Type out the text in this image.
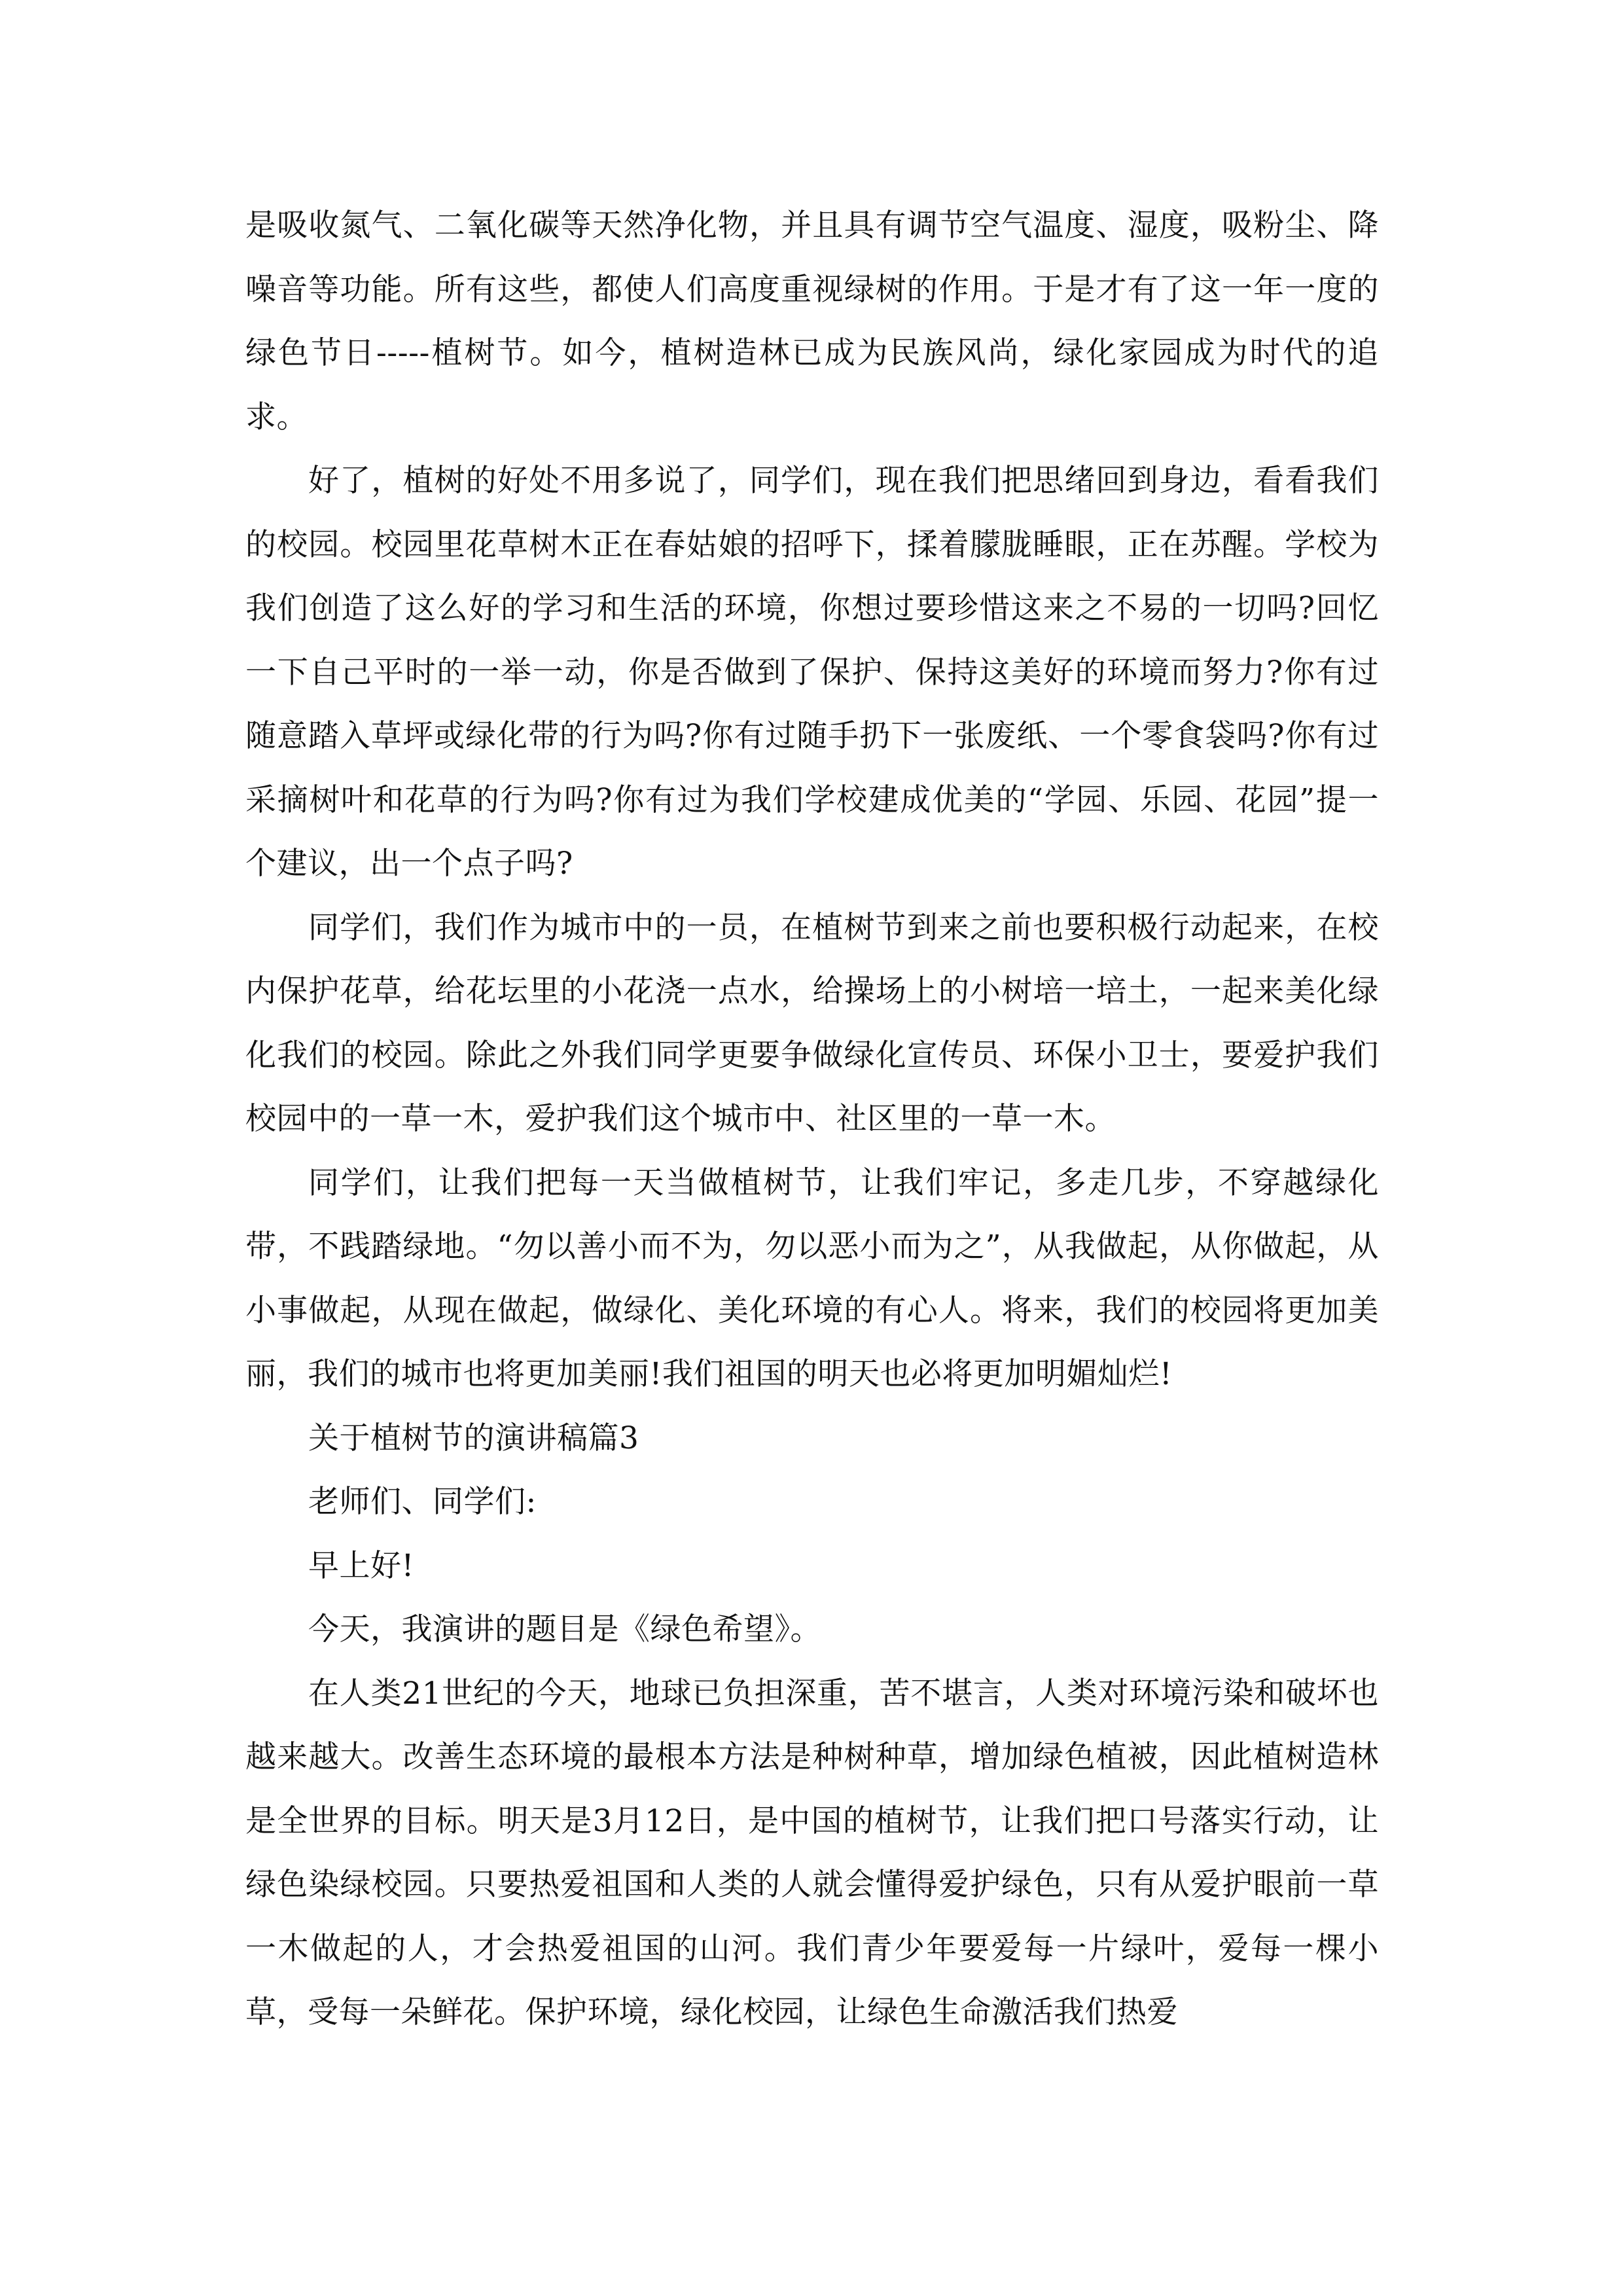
是吸收氮气、二氧化碳等天然净化物，并且具有调节空气温度、湿度，吸粉尘、降噪音等功能。所有这些，都使人们高度重视绿树的作用。于是才有了这一年一度的绿色节日-----植树节。如今，植树造林已成为民族风尚，绿化家园成为时代的追求。

好了，植树的好处不用多说了，同学们，现在我们把思绪回到身边，看看我们的校园。校园里花草树木正在春姑娘的招呼下，揉着朦胧睡眼，正在苏醒。学校为我们创造了这么好的学习和生活的环境，你想过要珍惜这来之不易的一切吗?回忆一下自己平时的一举一动，你是否做到了保护、保持这美好的环境而努力?你有过随意踏入草坪或绿化带的行为吗?你有过随手扔下一张废纸、一个零食袋吗?你有过采摘树叶和花草的行为吗?你有过为我们学校建成优美的“学园、乐园、花园”提一个建议，出一个点子吗?

同学们，我们作为城市中的一员，在植树节到来之前也要积极行动起来，在校内保护花草，给花坛里的小花浇一点水，给操场上的小树培一培土，一起来美化绿化我们的校园。除此之外我们同学更要争做绿化宣传员、环保小卫士，要爱护我们校园中的一草一木，爱护我们这个城市中、社区里的一草一木。

同学们，让我们把每一天当做植树节，让我们牢记，多走几步，不穿越绿化带，不践踏绿地。“勿以善小而不为，勿以恶小而为之”，从我做起，从你做起，从小事做起，从现在做起，做绿化、美化环境的有心人。将来，我们的校园将更加美丽，我们的城市也将更加美丽!我们祖国的明天也必将更加明媚灿烂!

关于植树节的演讲稿篇3

老师们、同学们:

早上好!

今天，我演讲的题目是《绿色希望》。

在人类21世纪的今天，地球已负担深重，苦不堪言，人类对环境污染和破坏也越来越大。改善生态环境的最根本方法是种树种草，增加绿色植被，因此植树造林是全世界的目标。明天是3月12日，是中国的植树节，让我们把口号落实行动，让绿色染绿校园。只要热爱祖国和人类的人就会懂得爱护绿色，只有从爱护眼前一草一木做起的人，才会热爱祖国的山河。我们青少年要爱每一片绿叶，爱每一棵小草，受每一朵鲜花。保护环境，绿化校园，让绿色生命激活我们热爱
